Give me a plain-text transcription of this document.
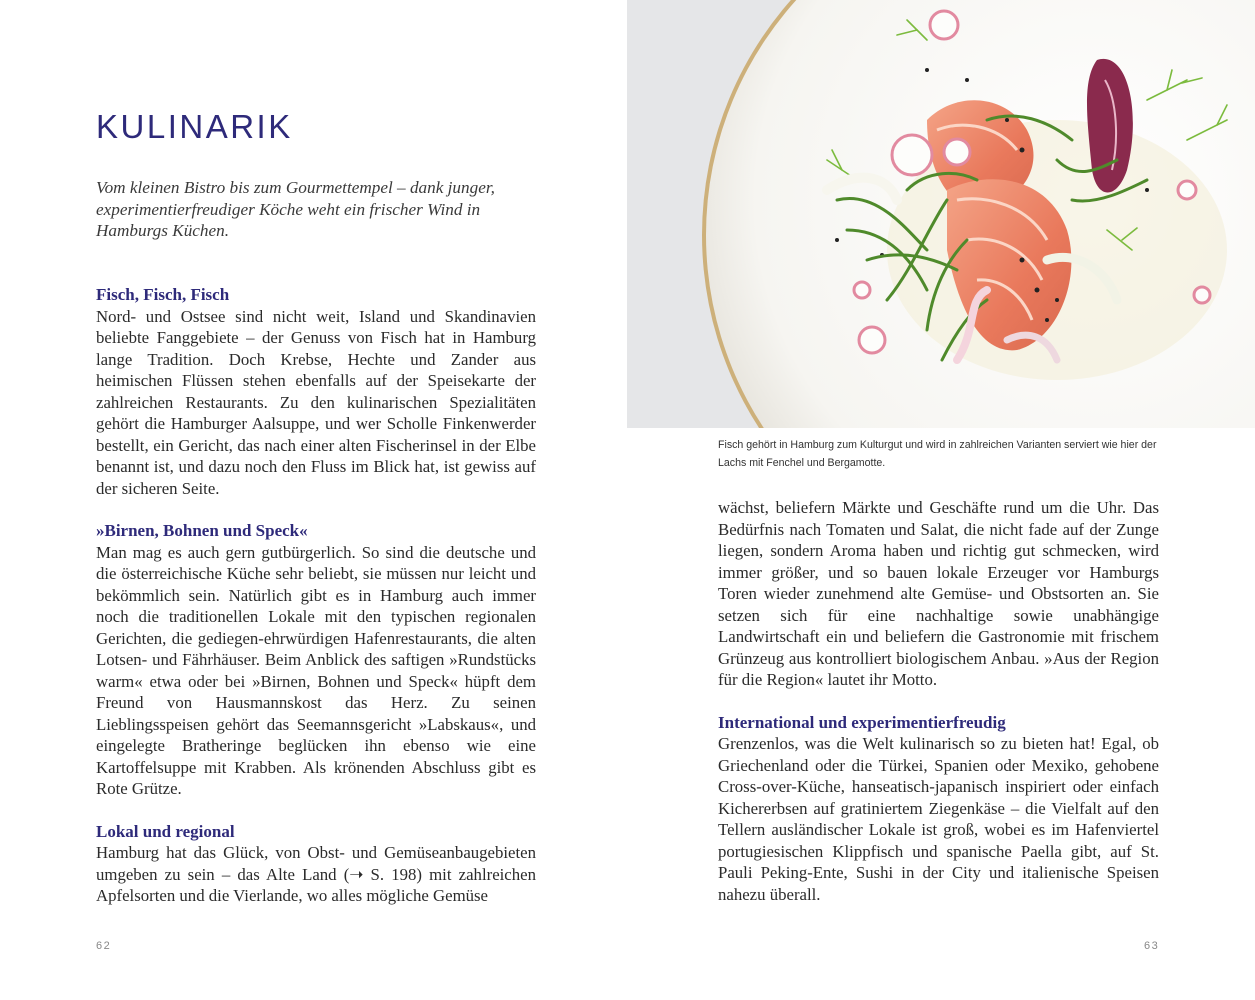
KULINARIK

Vom kleinen Bistro bis zum Gourmettempel – dank junger, experimentierfreudiger Köche weht ein frischer Wind in Hamburgs Küchen.

Fisch, Fisch, Fisch

Nord- und Ostsee sind nicht weit, Island und Skandinavien beliebte Fanggebiete – der Genuss von Fisch hat in Hamburg lange Tradition. Doch Krebse, Hechte und Zander aus heimischen Flüssen stehen ebenfalls auf der Speisekarte der zahlreichen Restaurants. Zu den kulinarischen Spezialitäten gehört die Hamburger Aalsuppe, und wer Scholle Finkenwerder bestellt, ein Gericht, das nach einer alten Fischerinsel in der Elbe benannt ist, und dazu noch den Fluss im Blick hat, ist gewiss auf der sicheren Seite.

»Birnen, Bohnen und Speck«

Man mag es auch gern gutbürgerlich. So sind die deutsche und die österreichische Küche sehr beliebt, sie müssen nur leicht und bekömmlich sein. Natürlich gibt es in Hamburg auch immer noch die traditionellen Lokale mit den typischen regionalen Gerichten, die gediegen-ehrwürdigen Hafenrestaurants, die alten Lotsen- und Fährhäuser. Beim Anblick des saftigen »Rundstücks warm« etwa oder bei »Birnen, Bohnen und Speck« hüpft dem Freund von Hausmannskost das Herz. Zu seinen Lieblingsspeisen gehört das Seemannsgericht »Labskaus«, und eingelegte Bratheringe beglücken ihn ebenso wie eine Kartoffelsuppe mit Krabben. Als krönenden Abschluss gibt es Rote Grütze.

Lokal und regional

Hamburg hat das Glück, von Obst- und Gemüseanbaugebieten umgeben zu sein – das Alte Land (➝ S. 198) mit zahlreichen Apfelsorten und die Vierlande, wo alles mögliche Gemüse

62

Fisch gehört in Hamburg zum Kulturgut und wird in zahlreichen Varianten serviert wie hier der Lachs mit Fenchel und Bergamotte.

wächst, beliefern Märkte und Geschäfte rund um die Uhr. Das Bedürfnis nach Tomaten und Salat, die nicht fade auf der Zunge liegen, sondern Aroma haben und richtig gut schmecken, wird immer größer, und so bauen lokale Erzeuger vor Hamburgs Toren wieder zunehmend alte Gemüse- und Obstsorten an. Sie setzen sich für eine nachhaltige sowie unabhängige Landwirtschaft ein und beliefern die Gastronomie mit frischem Grünzeug aus kontrolliert biologischem Anbau. »Aus der Region für die Region« lautet ihr Motto.

International und experimentierfreudig

Grenzenlos, was die Welt kulinarisch so zu bieten hat! Egal, ob Griechenland oder die Türkei, Spanien oder Mexiko, gehobene Cross-over-Küche, hanseatisch-japanisch inspiriert oder einfach Kichererbsen auf gratiniertem Ziegenkäse – die Vielfalt auf den Tellern ausländischer Lokale ist groß, wobei es im Hafenviertel portugiesischen Klippfisch und spanische Paella gibt, auf St. Pauli Peking-Ente, Sushi in der City und italienische Speisen nahezu überall.

63
